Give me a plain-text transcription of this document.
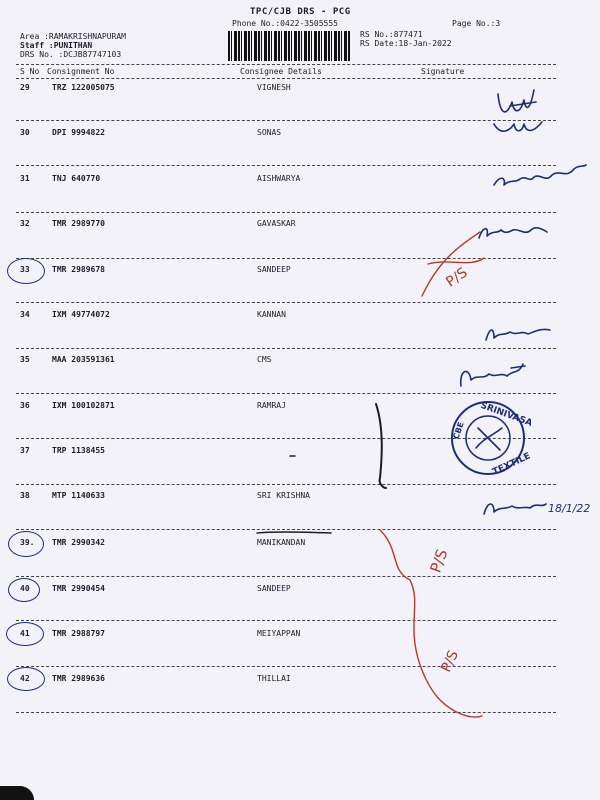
TPC/CJB DRS - PCG
Phone No.:0422-3505555	Page No.:3
Area :RAMAKRISHNAPURAM
Staff :PUNITHAN
DRS No. :DCJB87747103
RS No.:877471
RS Date:18-Jan-2022
S No Consignment No	Consignee Details	Signature
29	TRZ 122005075	VIGNESH
30	DPI 9994822	SONAS
31	TNJ 640770	AISHWARYA
32	TMR 2989770	GAVASKAR
33	TMR 2989678	SANDEEP
34	IXM 49774072	KANNAN
35	MAA 203591361	CMS
36	IXM 100102871	RAMRAJ
37	TRP 1138455
38	MTP 1140633	SRI KRISHNA
39. TMR 2990342	MANIKANDAN
40	TMR 2990454	SANDEEP
41	TMR 2988797	MEIYAPPAN
42	TMR 2989636	THILLAI
18/1/22
P/S
P/S
P/S
SRINIVASA
TEXTILE
CBE
